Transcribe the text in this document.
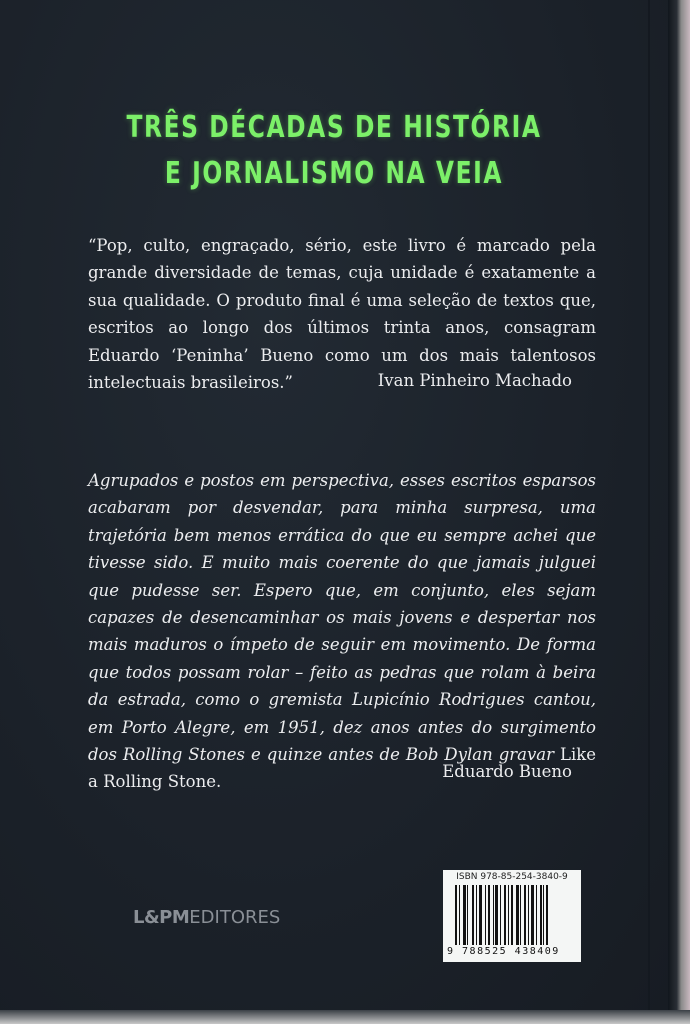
TRÊS DÉCADAS DE HISTÓRIA
E JORNALISMO NA VEIA
“Pop, culto, engraçado, sério, este livro é marcado pela grande diversidade de temas, cuja unidade é exatamente a sua qualidade. O produto final é uma seleção de textos que, escritos ao longo dos últimos trinta anos, consagram Eduardo ‘Peninha’ Bueno como um dos mais talentosos intelectuais brasileiros.”	Ivan Pinheiro Machado
Agrupados e postos em perspectiva, esses escritos esparsos acabaram por desvendar, para minha surpresa, uma trajetória bem menos errática do que eu sempre achei que tivesse sido. E muito mais coerente do que jamais julguei que pudesse ser. Espero que, em conjunto, eles sejam capazes de desencaminhar os mais jovens e despertar nos mais maduros o ímpeto de seguir em movimento. De forma que todos possam rolar – feito as pedras que rolam à beira da estrada, como o gremista Lupicínio Rodrigues cantou, em Porto Alegre, em 1951, dez anos antes do surgimento dos Rolling Stones e quinze antes de Bob Dylan gravar Like a Rolling Stone.
Eduardo Bueno
L&PMEDITORES
ISBN 978-85-254-3840-9
9 788525 438409
